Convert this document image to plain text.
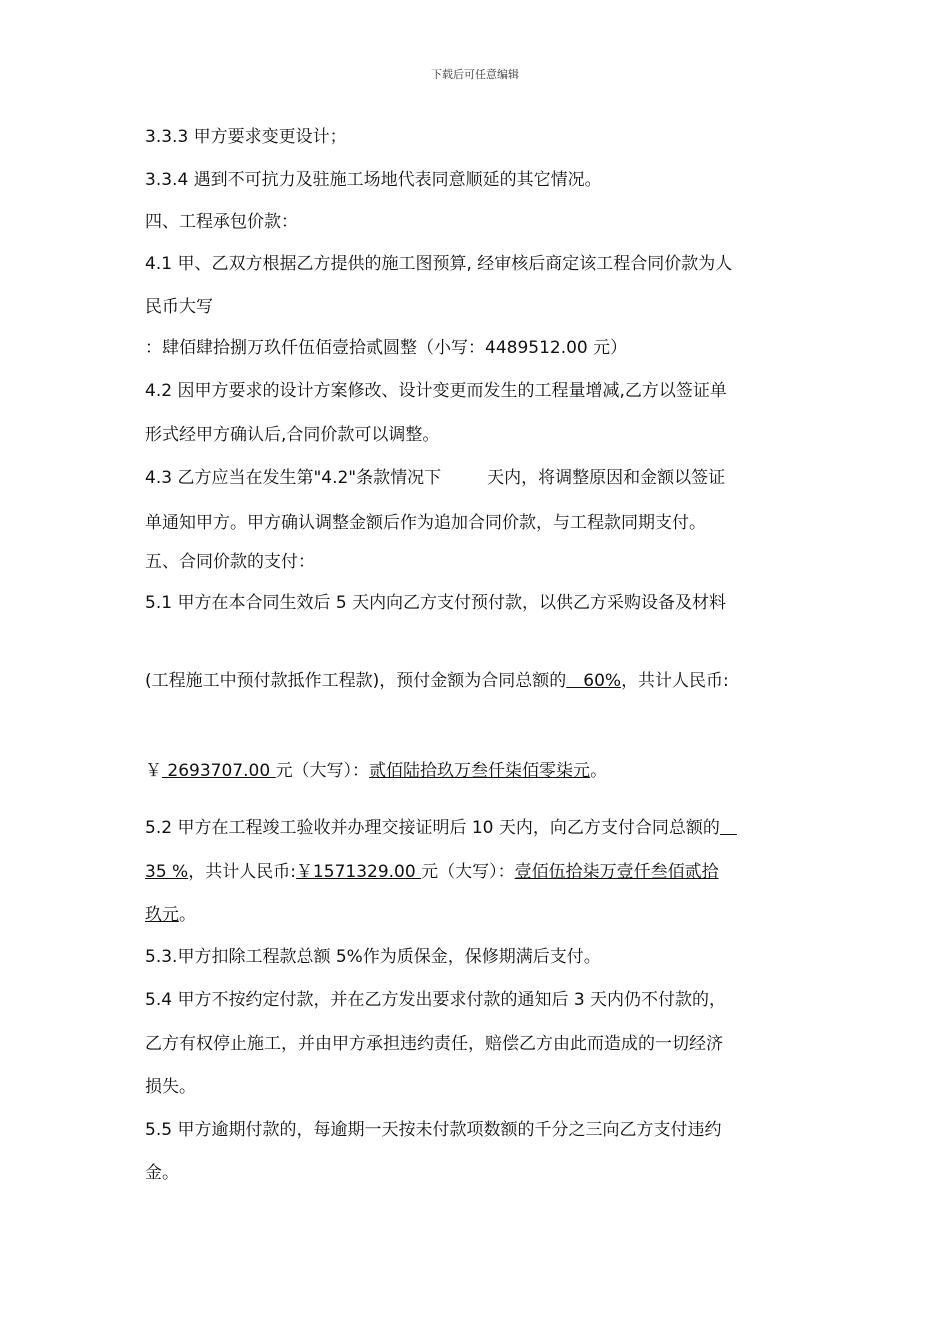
下载后可任意编辑
3.3.3 甲方要求变更设计；
3.3.4 遇到不可抗力及驻施工场地代表同意顺延的其它情况。
四、工程承包价款：
4.1 甲、乙双方根据乙方提供的施工图预算, 经审核后商定该工程合同价款为人
民币大写
：肆佰肆拾捌万玖仟伍佰壹拾贰圆整（小写：4489512.00 元）
4.2 因甲方要求的设计方案修改、设计变更而发生的工程量增减,乙方以签证单
形式经甲方确认后,合同价款可以调整。
4.3 乙方应当在发生第"4.2"条款情况下	天内，将调整原因和金额以签证
单通知甲方。甲方确认调整金额后作为追加合同价款，与工程款同期支付。
五、合同价款的支付：
5.1 甲方在本合同生效后 5 天内向乙方支付预付款，以供乙方采购设备及材料
(工程施工中预付款抵作工程款)，预付金额为合同总额的　60%，共计人民币:
￥ 2693707.00 元（大写）：贰佰陆拾玖万叁仟柒佰零柒元。
5.2 甲方在工程竣工验收并办理交接证明后 10 天内，向乙方支付合同总额的　
35 %，共计人民币:￥1571329.00 元（大写）：壹佰伍拾柒万壹仟叁佰贰拾
玖元。
5.3.甲方扣除工程款总额 5%作为质保金，保修期满后支付。
5.4 甲方不按约定付款，并在乙方发出要求付款的通知后 3 天内仍不付款的，
乙方有权停止施工，并由甲方承担违约责任，赔偿乙方由此而造成的一切经济
损失。
5.5 甲方逾期付款的，每逾期一天按未付款项数额的千分之三向乙方支付违约
金。
